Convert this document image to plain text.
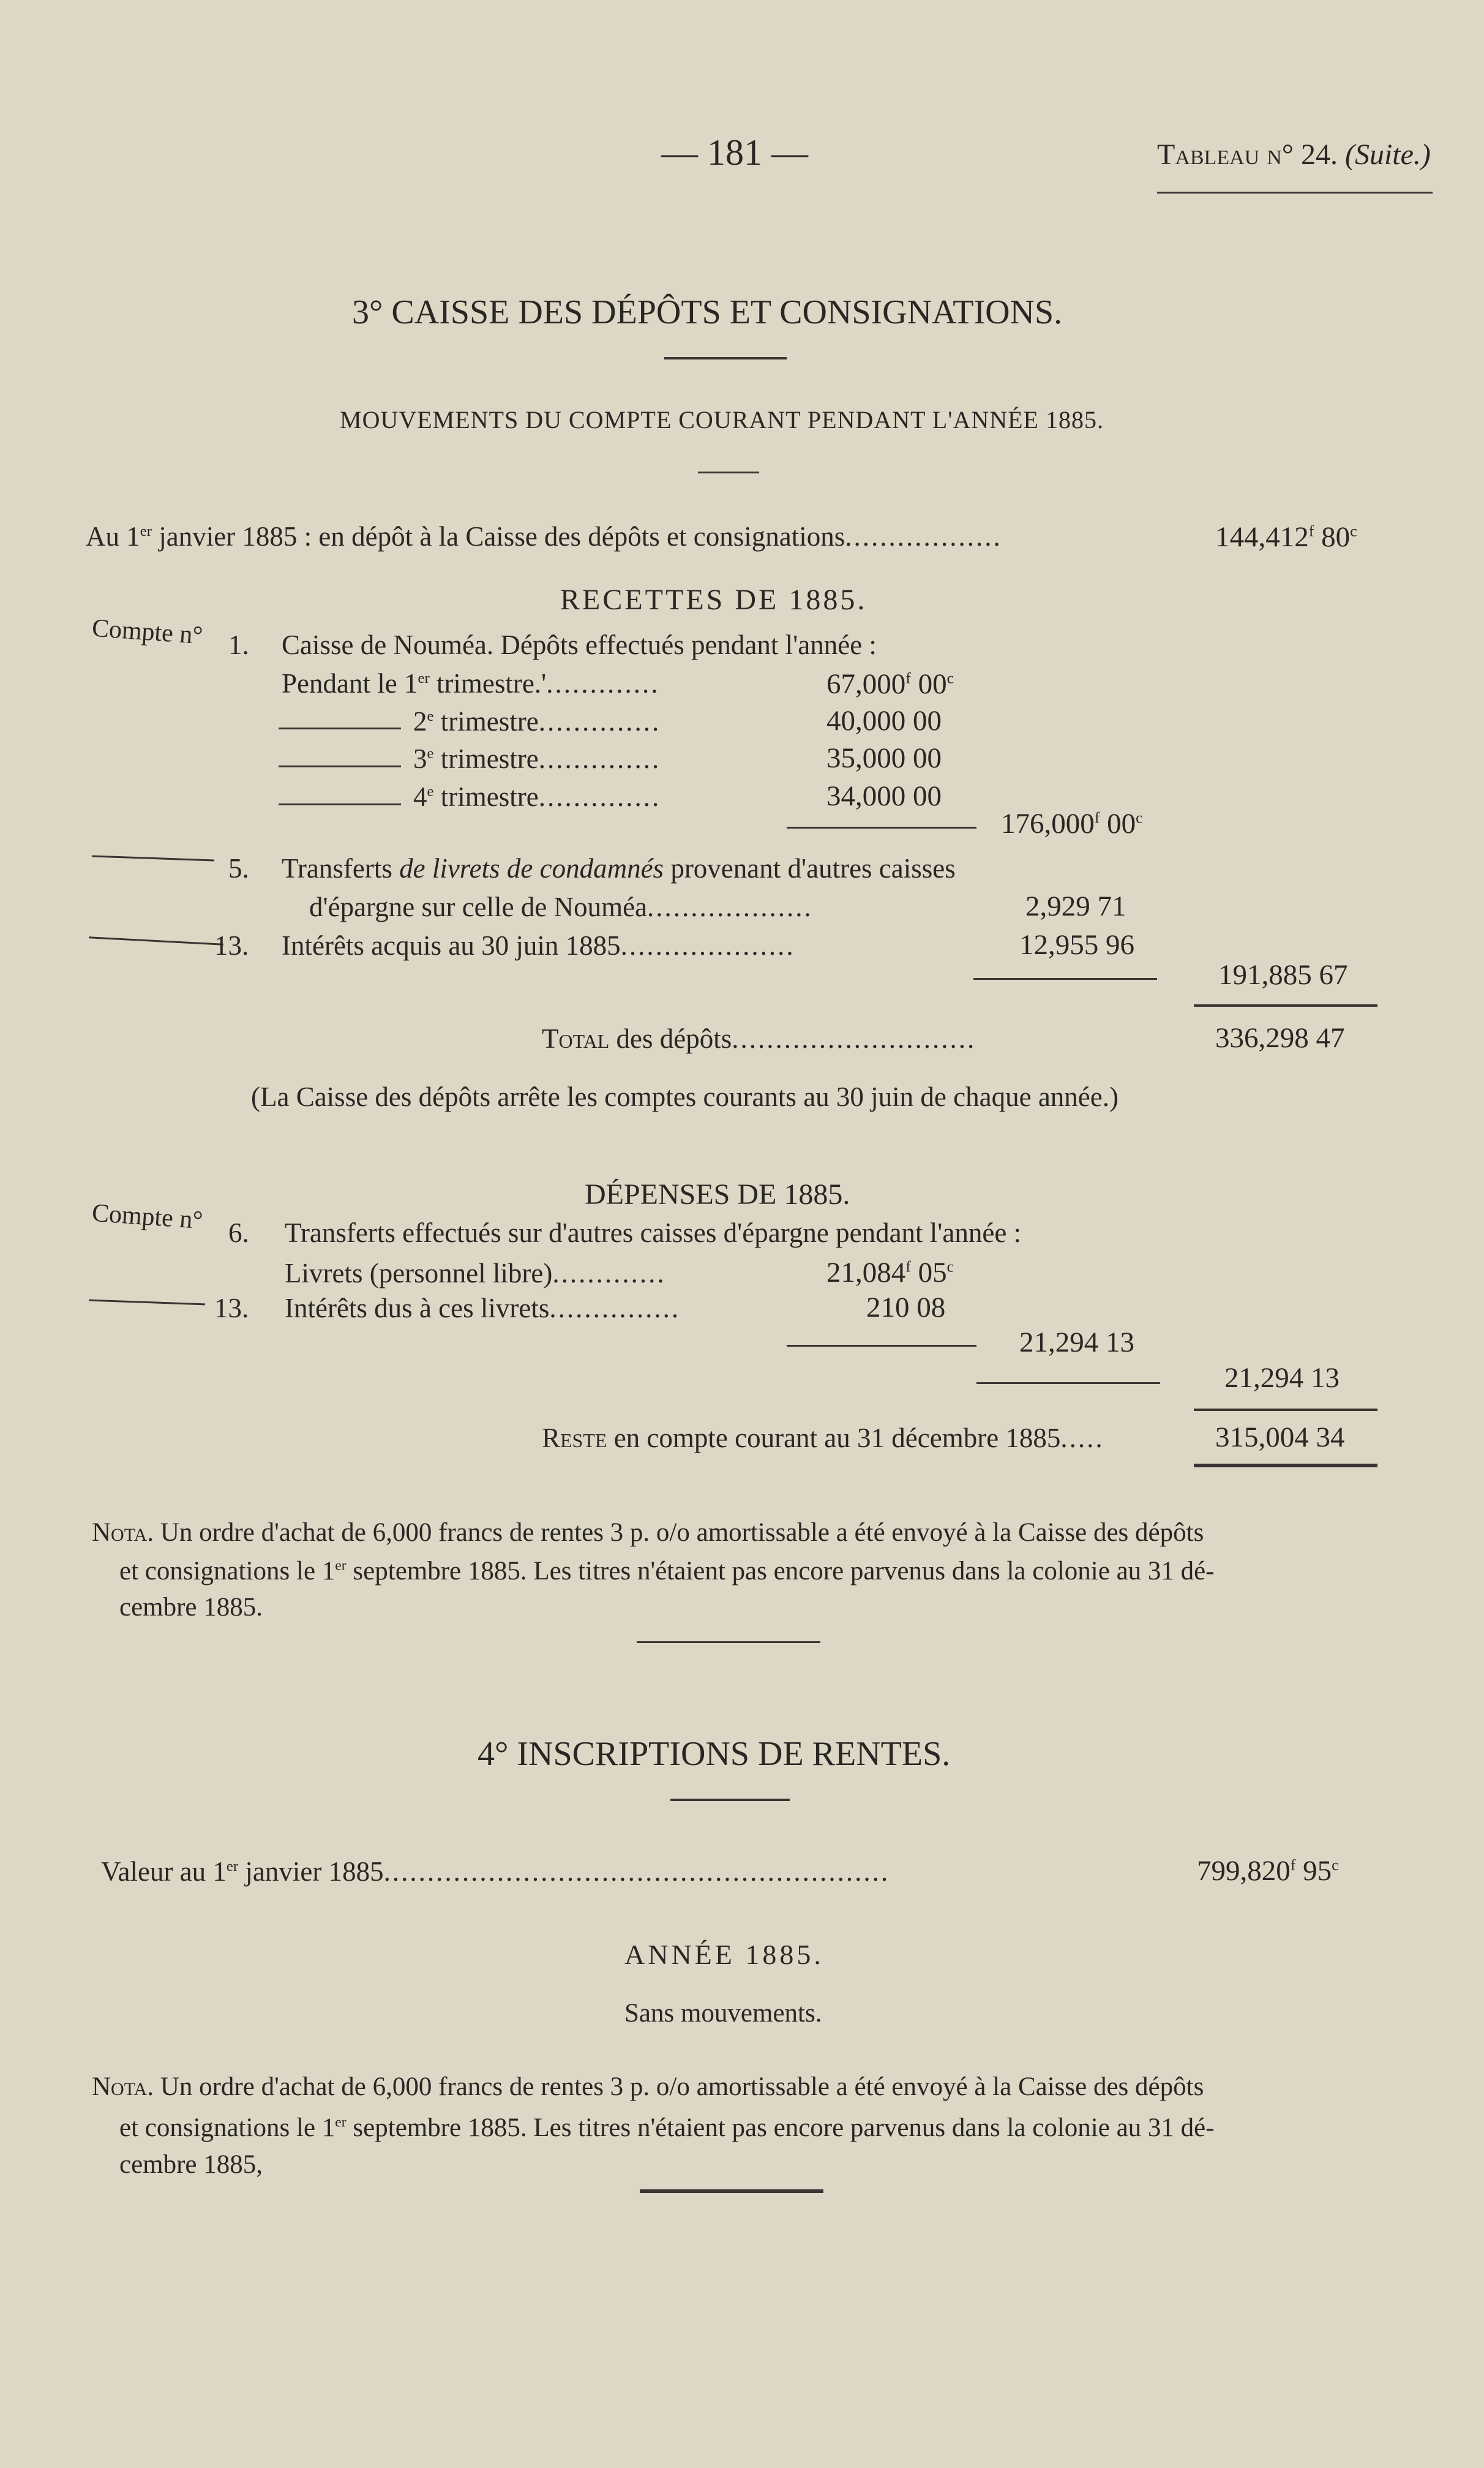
— 181 —	Tableau n° 24. (Suite.)
3° CAISSE DES DÉPÔTS ET CONSIGNATIONS.
MOUVEMENTS DU COMPTE COURANT PENDANT L'ANNÉE 1885.
Au 1er janvier 1885 : en dépôt à la Caisse des dépôts et consignations..................	144,412$^f$ 80$^c$
RECETTES DE 1885.
Compte n° 1. Caisse de Nouméa. Dépôts effectués pendant l'année :
Pendant le 1er trimestre.'.............	67,000$^f$ 00$^c$
2e trimestre..............	40,000 00
3e trimestre..............	35,000 00
4e trimestre..............	34,000 00
176,000$^f$ 00$^c$
5. Transferts de livrets de condamnés provenant d'autres caisses
d'épargne sur celle de Nouméa...................	2,929 71
13. Intérêts acquis au 30 juin 1885....................	12,955 96
191,885 67
Total des dépôts............................	336,298 47
(La Caisse des dépôts arrête les comptes courants au 30 juin de chaque année.)
DÉPENSES DE 1885.
Compte n° 6. Transferts effectués sur d'autres caisses d'épargne pendant l'année :
Livrets (personnel libre).............	21,084$^f$ 05$^c$
13. Intérêts dus à ces livrets...............	210 08
21,294 13
21,294 13
Reste en compte courant au 31 décembre 1885.....	315,004 34
Nota. Un ordre d'achat de 6,000 francs de rentes 3 p. o/o amortissable a été envoyé à la Caisse des dépôts
et consignations le 1er septembre 1885. Les titres n'étaient pas encore parvenus dans la colonie au 31 dé-
cembre 1885.
4° INSCRIPTIONS DE RENTES.
Valeur au 1er janvier 1885..........................................................	799,820$^f$ 95$^c$
ANNÉE 1885.
Sans mouvements.
Nota. Un ordre d'achat de 6,000 francs de rentes 3 p. o/o amortissable a été envoyé à la Caisse des dépôts
et consignations le 1er septembre 1885. Les titres n'étaient pas encore parvenus dans la colonie au 31 dé-
cembre 1885,
